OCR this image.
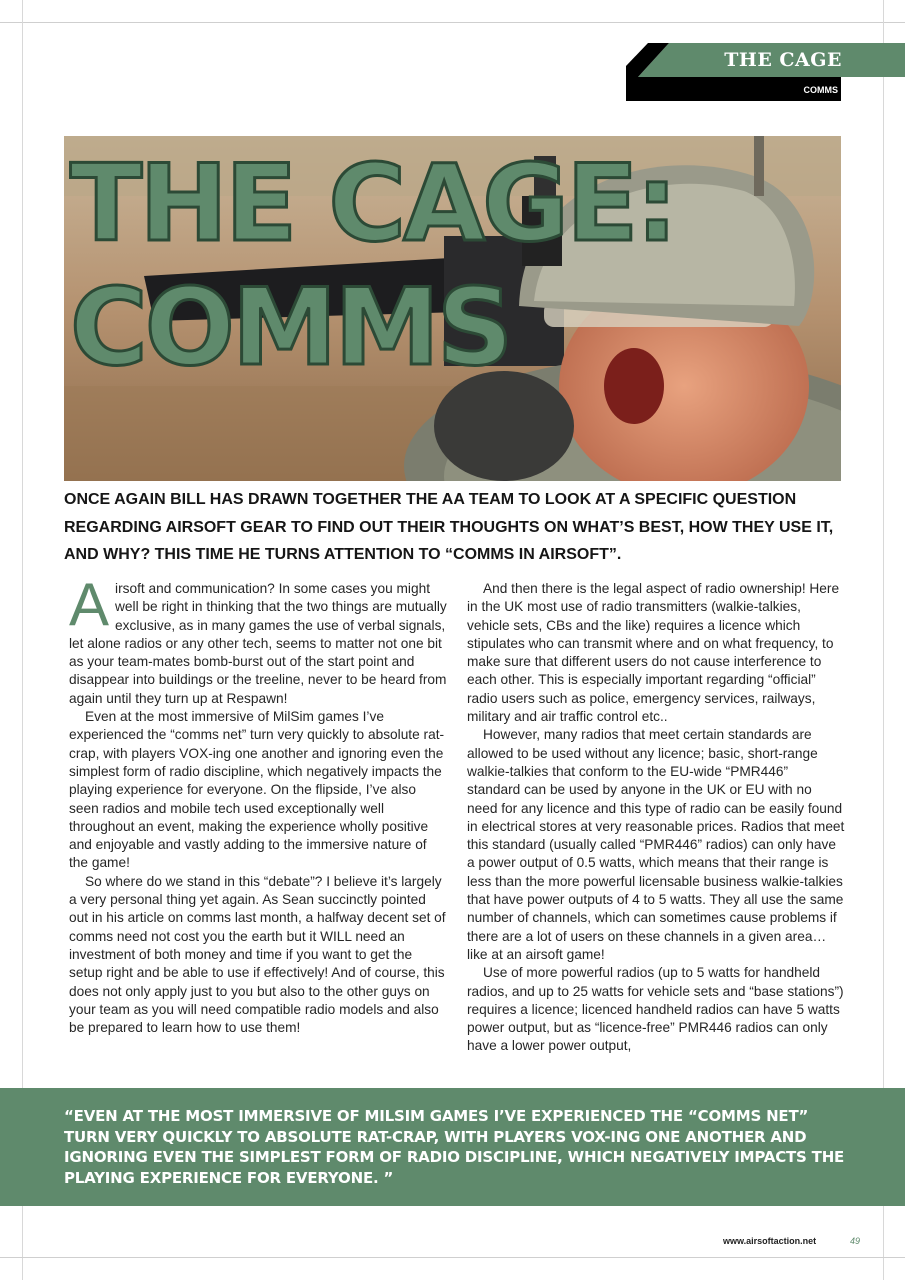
THE CAGE
COMMS
THE CAGE:
COMMS

ONCE AGAIN BILL HAS DRAWN TOGETHER THE AA TEAM TO LOOK AT A SPECIFIC QUESTION REGARDING AIRSOFT GEAR TO FIND OUT THEIR THOUGHTS ON WHAT’S BEST, HOW THEY USE IT, AND WHY? THIS TIME HE TURNS ATTENTION TO “COMMS IN AIRSOFT”.

A irsoft and communication? In some cases you might well be right in thinking that the two things are mutually exclusive, as in many games the use of verbal signals, let alone radios or any other tech, seems to matter not one bit as your team-mates bomb-burst out of the start point and disappear into buildings or the treeline, never to be heard from again until they turn up at Respawn!

Even at the most immersive of MilSim games I’ve experienced the “comms net” turn very quickly to absolute rat-crap, with players VOX-ing one another and ignoring even the simplest form of radio discipline, which negatively impacts the playing experience for everyone. On the flipside, I’ve also seen radios and mobile tech used exceptionally well throughout an event, making the experience wholly positive and enjoyable and vastly adding to the immersive nature of the game!

So where do we stand in this “debate”? I believe it’s largely a very personal thing yet again. As Sean succinctly pointed out in his article on comms last month, a halfway decent set of comms need not cost you the earth but it WILL need an investment of both money and time if you want to get the setup right and be able to use if effectively! And of course, this does not only apply just to you but also to the other guys on your team as you will need compatible radio models and also be prepared to learn how to use them!

And then there is the legal aspect of radio ownership! Here in the UK most use of radio transmitters (walkie-talkies, vehicle sets, CBs and the like) requires a licence which stipulates who can transmit where and on what frequency, to make sure that different users do not cause interference to each other. This is especially important regarding “official” radio users such as police, emergency services, railways, military and air traffic control etc..

However, many radios that meet certain standards are allowed to be used without any licence; basic, short-range walkie-talkies that conform to the EU-wide “PMR446” standard can be used by anyone in the UK or EU with no need for any licence and this type of radio can be easily found in electrical stores at very reasonable prices. Radios that meet this standard (usually called “PMR446” radios) can only have a power output of 0.5 watts, which means that their range is less than the more powerful licensable business walkie-talkies that have power outputs of 4 to 5 watts. They all use the same number of channels, which can sometimes cause problems if there are a lot of users on these channels in a given area… like at an airsoft game!

Use of more powerful radios (up to 5 watts for handheld radios, and up to 25 watts for vehicle sets and “base stations”) requires a licence; licenced handheld radios can have 5 watts power output, but as “licence-free” PMR446 radios can only have a lower power output,

“EVEN AT THE MOST IMMERSIVE OF MILSIM GAMES I’VE EXPERIENCED THE “COMMS NET” TURN VERY QUICKLY TO ABSOLUTE RAT-CRAP, WITH PLAYERS VOX-ING ONE ANOTHER AND IGNORING EVEN THE SIMPLEST FORM OF RADIO DISCIPLINE, WHICH NEGATIVELY IMPACTS THE PLAYING EXPERIENCE FOR EVERYONE. ”

www.airsoftaction.net	49
